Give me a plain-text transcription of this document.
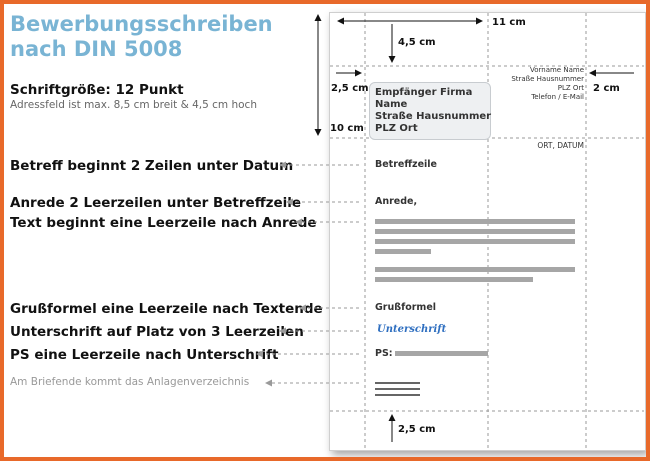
Bewerbungsschreiben
nach DIN 5008
Schriftgröße: 12 Punkt
Adressfeld ist max. 8,5 cm breit & 4,5 cm hoch
Betreff beginnt 2 Zeilen unter Datum
Anrede 2 Leerzeilen unter Betreffzeile
Text beginnt eine Leerzeile nach Anrede
Grußformel eine Leerzeile nach Textende
Unterschrift auf Platz von 3 Leerzeilen
PS eine Leerzeile nach Unterschrift
Am Briefende kommt das Anlagenverzeichnis
11 cm
4,5 cm
2,5 cm	2 cm
10 cm
2,5 cm
Vorname Name
Straße Hausnummer
PLZ Ort
Telefon / E-Mail
Empfänger Firma
Name
Straße Hausnummer
PLZ Ort
ORT, DATUM
Betreffzeile
Anrede,
Grußformel
Unterschrift
PS:
